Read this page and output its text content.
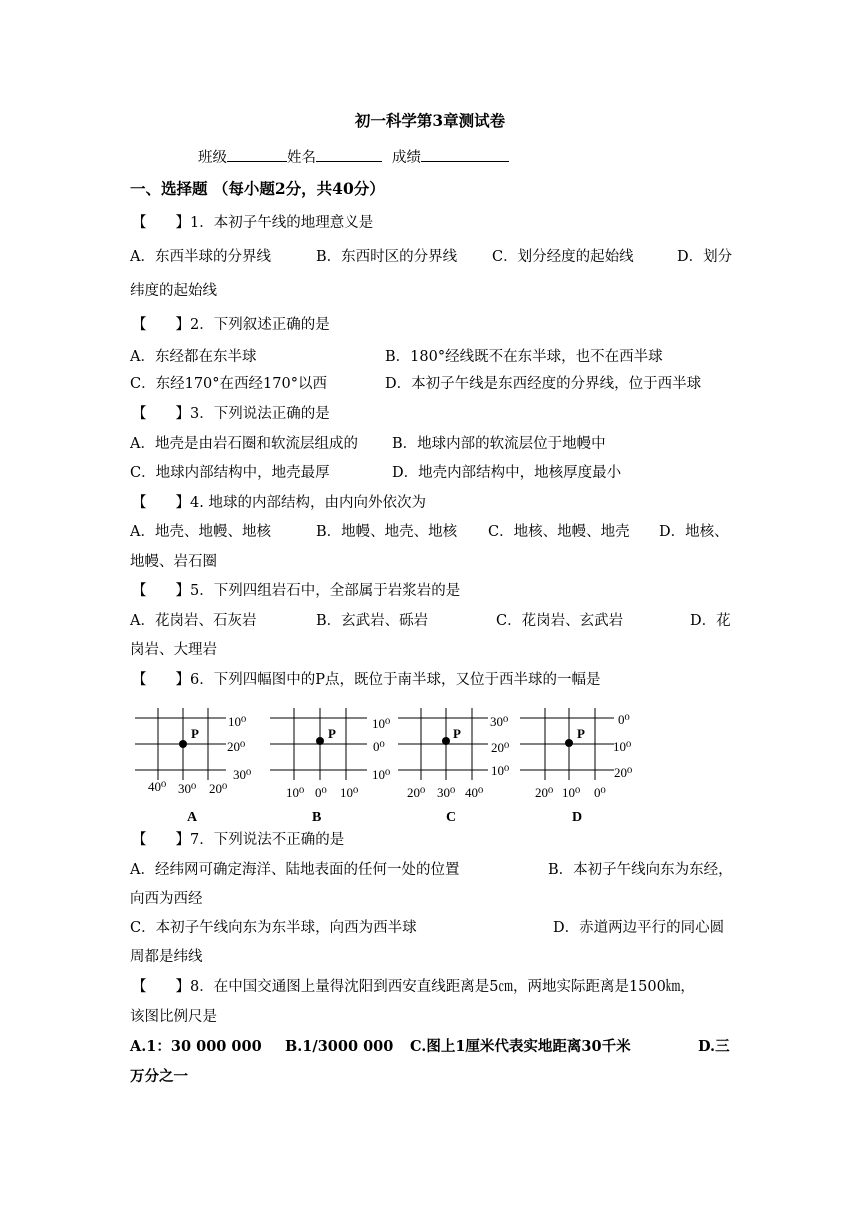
初一科学第3章测试卷
班级	姓名	成绩
一、选择题 （每小题2分，共40分）
【　　】1．本初子午线的地理意义是
A．东西半球的分界线	B．东西时区的分界线 C．划分经度的起始线	D．划分
纬度的起始线
【　　】2．下列叙述正确的是
A．东经都在东半球	B．180°经线既不在东半球，也不在西半球
C．东经170°在西经170°以西	D．本初子午线是东西经度的分界线，位于西半球
【　　】3．下列说法正确的是
A．地壳是由岩石圈和软流层组成的 B．地球内部的软流层位于地幔中
C．地球内部结构中，地壳最厚	D．地壳内部结构中，地核厚度最小
【　　】4. 地球的内部结构，由内向外依次为
A．地壳、地幔、地核	B．地幔、地壳、地核 C．地核、地幔、地壳 D．地核、
地幔、岩石圈
【　　】5．下列四组岩石中，全部属于岩浆岩的是
A．花岗岩、石灰岩	B．玄武岩、砾岩	C．花岗岩、玄武岩	D．花
岗岩、大理岩
【　　】6．下列四幅图中的P点，既位于南半球，又位于西半球的一幅是
P
10⁰
20⁰
30⁰
40⁰ 30⁰ 20⁰
A
P
10⁰
0⁰
10⁰
10⁰ 0⁰ 10⁰
B
P
30⁰
20⁰
10⁰
20⁰ 30⁰ 40⁰
C
P
0⁰
10⁰
20⁰
20⁰ 10⁰ 0⁰
D
【　　】7．下列说法不正确的是
A．经纬网可确定海洋、陆地表面的任何一处的位置	B．本初子午线向东为东经，
向西为西经
C．本初子午线向东为东半球，向西为西半球	D．赤道两边平行的同心圆
周都是纬线
【　　】8．在中国交通图上量得沈阳到西安直线距离是5㎝，两地实际距离是1500㎞，
该图比例尺是
A.1：30 000 000 B.1/3000 000 C.图上1厘米代表实地距离30千米	D.三
万分之一
